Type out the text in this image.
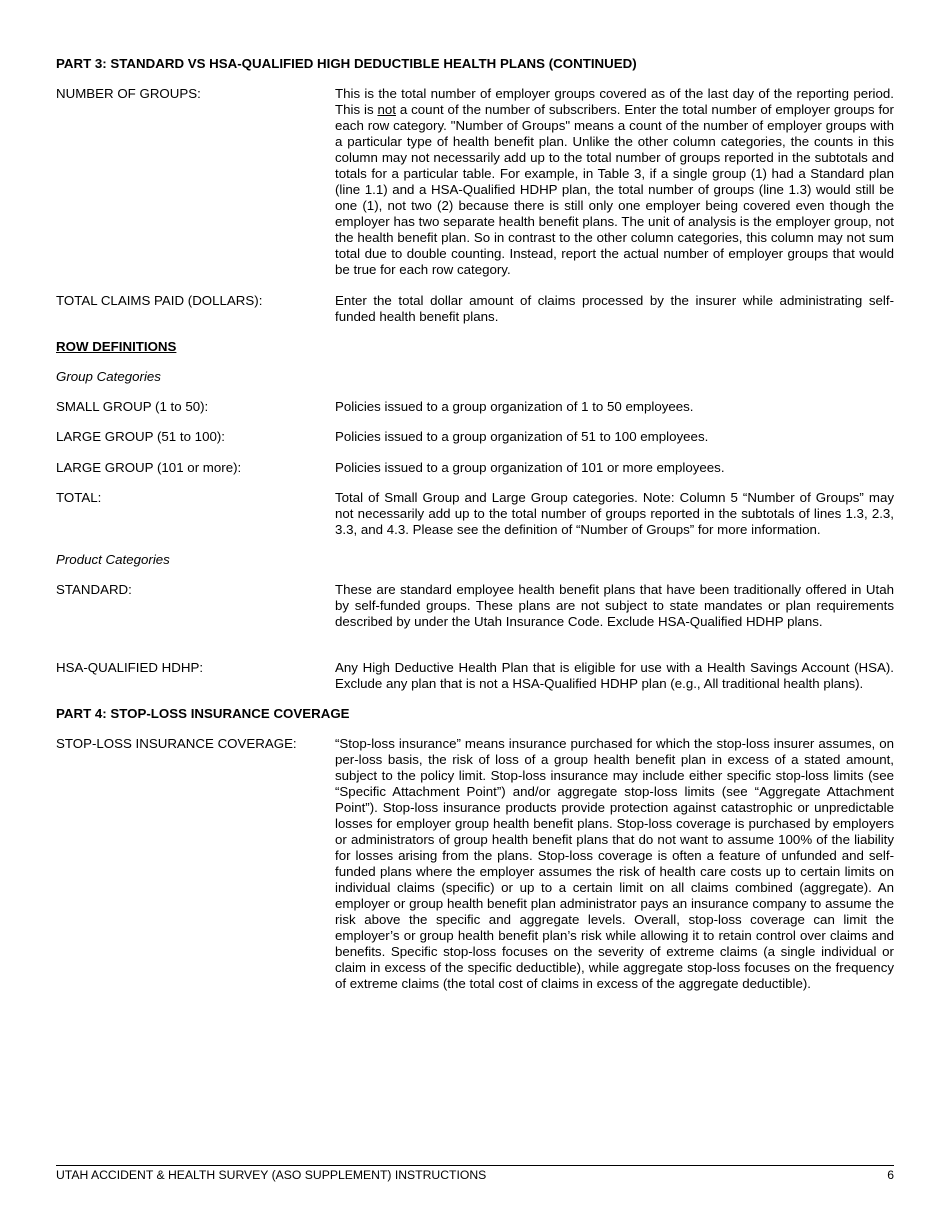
PART 3: STANDARD VS HSA-QUALIFIED HIGH DEDUCTIBLE HEALTH PLANS (CONTINUED)
NUMBER OF GROUPS:	This is the total number of employer groups covered as of the last day of the reporting period. This is not a count of the number of subscribers. Enter the total number of employer groups for each row category. "Number of Groups" means a count of the number of employer groups with a particular type of health benefit plan. Unlike the other column categories, the counts in this column may not necessarily add up to the total number of groups reported in the subtotals and totals for a particular table. For example, in Table 3, if a single group (1) had a Standard plan (line 1.1) and a HSA-Qualified HDHP plan, the total number of groups (line 1.3) would still be one (1), not two (2) because there is still only one employer being covered even though the employer has two separate health benefit plans. The unit of analysis is the employer group, not the health benefit plan. So in contrast to the other column categories, this column may not sum total due to double counting. Instead, report the actual number of employer groups that would be true for each row category.
TOTAL CLAIMS PAID (DOLLARS):	Enter the total dollar amount of claims processed by the insurer while administrating self-funded health benefit plans.
ROW DEFINITIONS
Group Categories
SMALL GROUP (1 to 50):	Policies issued to a group organization of 1 to 50 employees.
LARGE GROUP (51 to 100):	Policies issued to a group organization of 51 to 100 employees.
LARGE GROUP (101 or more):	Policies issued to a group organization of 101 or more employees.
TOTAL:	Total of Small Group and Large Group categories. Note: Column 5 “Number of Groups” may not necessarily add up to the total number of groups reported in the subtotals of lines 1.3, 2.3, 3.3, and 4.3. Please see the definition of “Number of Groups” for more information.
Product Categories
STANDARD:	These are standard employee health benefit plans that have been traditionally offered in Utah by self-funded groups. These plans are not subject to state mandates or plan requirements described by under the Utah Insurance Code. Exclude HSA-Qualified HDHP plans.
HSA-QUALIFIED HDHP:	Any High Deductive Health Plan that is eligible for use with a Health Savings Account (HSA). Exclude any plan that is not a HSA-Qualified HDHP plan (e.g., All traditional health plans).
PART 4: STOP-LOSS INSURANCE COVERAGE
STOP-LOSS INSURANCE COVERAGE:	“Stop-loss insurance” means insurance purchased for which the stop-loss insurer assumes, on per-loss basis, the risk of loss of a group health benefit plan in excess of a stated amount, subject to the policy limit. Stop-loss insurance may include either specific stop-loss limits (see “Specific Attachment Point”) and/or aggregate stop-loss limits (see “Aggregate Attachment Point”). Stop-loss insurance products provide protection against catastrophic or unpredictable losses for employer group health benefit plans. Stop-loss coverage is purchased by employers or administrators of group health benefit plans that do not want to assume 100% of the liability for losses arising from the plans. Stop-loss coverage is often a feature of unfunded and self-funded plans where the employer assumes the risk of health care costs up to certain limits on individual claims (specific) or up to a certain limit on all claims combined (aggregate). An employer or group health benefit plan administrator pays an insurance company to assume the risk above the specific and aggregate levels. Overall, stop-loss coverage can limit the employer’s or group health benefit plan’s risk while allowing it to retain control over claims and benefits. Specific stop-loss focuses on the severity of extreme claims (a single individual or claim in excess of the specific deductible), while aggregate stop-loss focuses on the frequency of extreme claims (the total cost of claims in excess of the aggregate deductible).
UTAH ACCIDENT & HEALTH SURVEY (ASO SUPPLEMENT) INSTRUCTIONS	6
